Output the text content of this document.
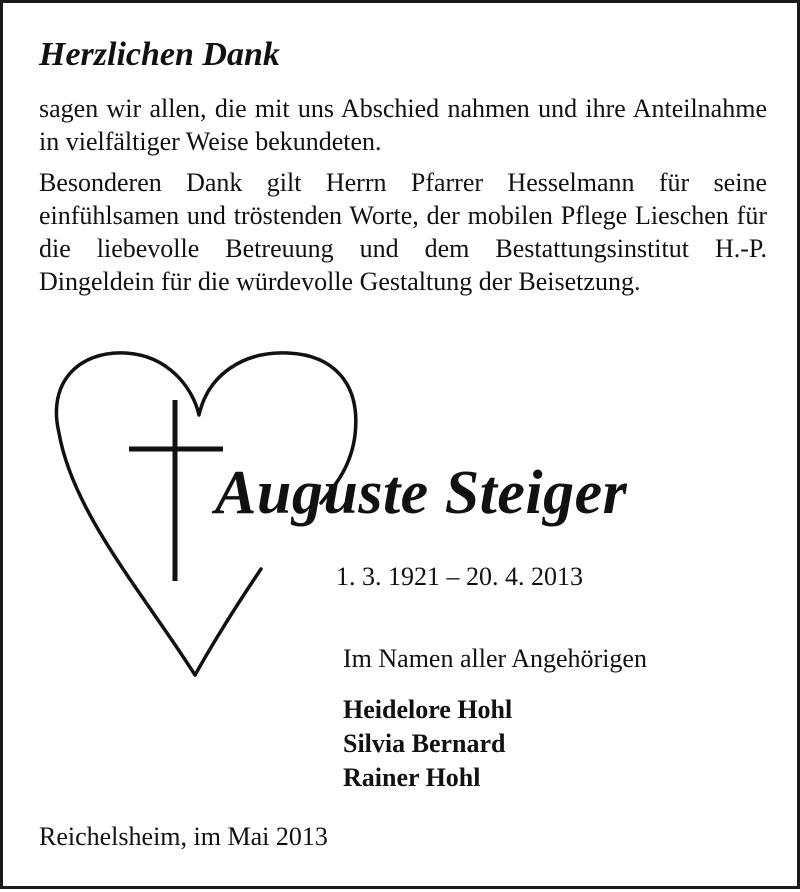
Herzlichen Dank

sagen wir allen, die mit uns Abschied nahmen und ihre Anteilnahme in vielfältiger Weise bekundeten.

Besonderen Dank gilt Herrn Pfarrer Hesselmann für seine einfühlsamen und tröstenden Worte, der mobilen Pflege Lieschen für die liebevolle Betreuung und dem Bestattungsinstitut H.-P. Dingeldein für die würdevolle Gestaltung der Beisetzung.

Auguste Steiger
1. 3. 1921 – 20. 4. 2013
Im Namen aller Angehörigen
Heidelore Hohl
Silvia Bernard
Rainer Hohl
Reichelsheim, im Mai 2013
